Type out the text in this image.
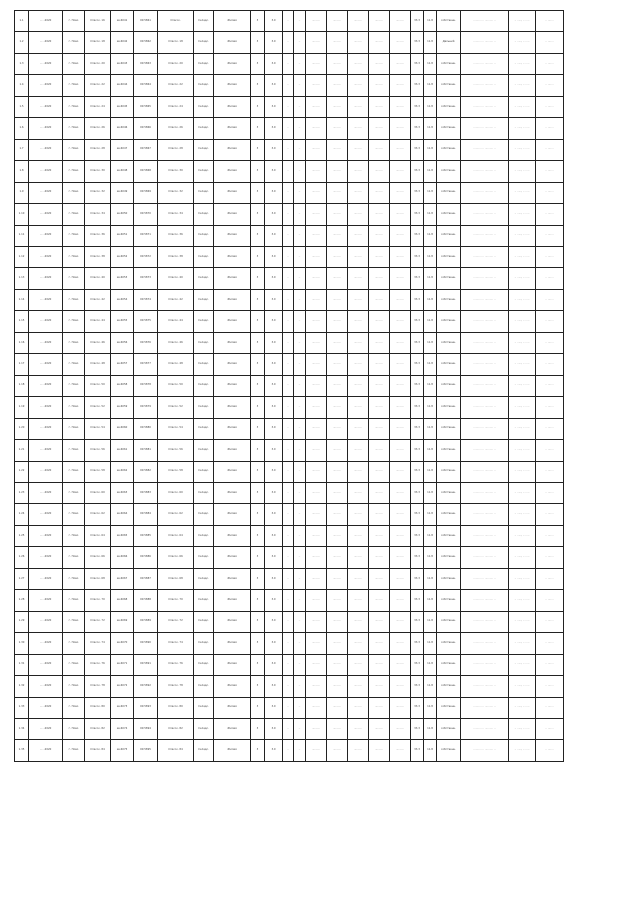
1.1	··.··.2020	г. Ново	Спасск. 16	кв.6041	00:5861	Спасск.	Складс.	Жилая	3	3.0	··	··	··.··.····	··.··.····	··.··.····	··.··.····	··.··.····	33.3	11.8	собственн.	·········· ·· ·········· ··	·· ·····, ·· ·····	·· ··.····
1.2	··.··.2020	г. Ново	Спасск. 18	кв.6042	00:5862	Спасск. 18	Складс.	Жилая	3	3.0	··	··	··.··.····	··.··.····	··.··.····	··.··.····	··.··.····	33.3	11.8	Дальний	·········· ·· ·········· ··	·· ·····, ·· ·····	·· ··.····
1.3	··.··.2020	г. Ново	Спасск. 20	кв.6043	00:5863	Спасск. 20	Складс.	Жилая	3	3.0	··	··	··.··.····	··.··.····	··.··.····	··.··.····	··.··.····	33.3	11.8	собственн.	·········· ·· ·········· ··	·· ·····, ·· ·····	·· ··.····
1.4	··.··.2020	г. Ново	Спасск. 22	кв.6044	00:5864	Спасск. 22	Складс.	Жилая	3	3.0	··	··	··.··.····	··.··.····	··.··.····	··.··.····	··.··.····	33.3	11.8	собственн.	·········· ·· ·········· ··	·· ·····, ·· ·····	·· ··.····
1.5	··.··.2020	г. Ново	Спасск. 24	кв.6045	00:5865	Спасск. 24	Складс.	Жилая	3	3.0	··	··	··.··.····	··.··.····	··.··.····	··.··.····	··.··.····	33.3	11.8	собственн.	·········· ·· ·········· ··	·· ·····, ·· ·····	·· ··.····
1.6	··.··.2020	г. Ново	Спасск. 26	кв.6046	00:5866	Спасск. 26	Складс.	Жилая	3	3.0	··	··	··.··.····	··.··.····	··.··.····	··.··.····	··.··.····	33.3	11.8	собственн.	·········· ·· ·········· ··	·· ·····, ·· ·····	·· ··.····
1.7	··.··.2020	г. Ново	Спасск. 28	кв.6047	00:5867	Спасск. 28	Складс.	Жилая	3	3.0	··	··	··.··.····	··.··.····	··.··.····	··.··.····	··.··.····	33.3	11.8	собственн.	·········· ·· ·········· ··	·· ·····, ·· ·····	·· ··.····
1.8	··.··.2020	г. Ново	Спасск. 30	кв.6048	00:5868	Спасск. 30	Складс.	Жилая	3	3.0	··	··	··.··.····	··.··.····	··.··.····	··.··.····	··.··.····	33.3	11.8	собственн.	·········· ·· ·········· ··	·· ·····, ·· ·····	·· ··.····
1.9	··.··.2020	г. Ново	Спасск. 32	кв.6049	00:5869	Спасск. 32	Складс.	Жилая	3	3.0	··	··	··.··.····	··.··.····	··.··.····	··.··.····	··.··.····	33.3	11.8	собственн.	·········· ·· ·········· ··	·· ·····, ·· ·····	·· ··.····
1.10	··.··.2020	г. Ново	Спасск. 34	кв.6050	00:5870	Спасск. 34	Складс.	Жилая	3	3.0	··	··	··.··.····	··.··.····	··.··.····	··.··.····	··.··.····	33.3	11.8	собственн.	·········· ·· ·········· ··	·· ·····, ·· ·····	·· ··.····
1.11	··.··.2020	г. Ново	Спасск. 36	кв.6051	00:5871	Спасск. 36	Складс.	Жилая	3	3.0	··	··	··.··.····	··.··.····	··.··.····	··.··.····	··.··.····	33.3	11.8	собственн.	·········· ·· ·········· ··	·· ·····, ·· ·····	·· ··.····
1.12	··.··.2020	г. Ново	Спасск. 38	кв.6052	00:5872	Спасск. 38	Складс.	Жилая	3	3.0	··	··	··.··.····	··.··.····	··.··.····	··.··.····	··.··.····	33.3	11.8	собственн.	·········· ·· ·········· ··	·· ·····, ·· ·····	·· ··.····
1.13	··.··.2020	г. Ново	Спасск. 40	кв.6053	00:5873	Спасск. 40	Складс.	Жилая	3	3.0	··	··	··.··.····	··.··.····	··.··.····	··.··.····	··.··.····	33.3	11.8	собственн.	·········· ·· ·········· ··	·· ·····, ·· ·····	·· ··.····
1.14	··.··.2020	г. Ново	Спасск. 42	кв.6054	00:5874	Спасск. 42	Складс.	Жилая	3	3.0	··	··	··.··.····	··.··.····	··.··.····	··.··.····	··.··.····	33.3	11.8	собственн.	·········· ·· ·········· ··	·· ·····, ·· ·····	·· ··.····
1.15	··.··.2020	г. Ново	Спасск. 44	кв.6055	00:5875	Спасск. 44	Складс.	Жилая	3	3.0	··	··	··.··.····	··.··.····	··.··.····	··.··.····	··.··.····	33.3	11.8	собственн.	·········· ·· ·········· ··	·· ·····, ·· ·····	·· ··.····
1.16	··.··.2020	г. Ново	Спасск. 46	кв.6056	00:5876	Спасск. 46	Складс.	Жилая	3	3.0	··	··	··.··.····	··.··.····	··.··.····	··.··.····	··.··.····	33.3	11.8	собственн.	·········· ·· ·········· ··	·· ·····, ·· ·····	·· ··.····
1.17	··.··.2020	г. Ново	Спасск. 48	кв.6057	00:5877	Спасск. 48	Складс.	Жилая	3	3.0	··	··	··.··.····	··.··.····	··.··.····	··.··.····	··.··.····	33.3	11.8	собственн.	·········· ·· ·········· ··	·· ·····, ·· ·····	·· ··.····
1.18	··.··.2020	г. Ново	Спасск. 50	кв.6058	00:5878	Спасск. 50	Складс.	Жилая	3	3.0	··	··	··.··.····	··.··.····	··.··.····	··.··.····	··.··.····	33.3	11.8	собственн.	·········· ·· ·········· ··	·· ·····, ·· ·····	·· ··.····
1.19	··.··.2020	г. Ново	Спасск. 52	кв.6059	00:5879	Спасск. 52	Складс.	Жилая	3	3.0	··	··	··.··.····	··.··.····	··.··.····	··.··.····	··.··.····	33.3	11.8	собственн.	·········· ·· ·········· ··	·· ·····, ·· ·····	·· ··.····
1.20	··.··.2020	г. Ново	Спасск. 54	кв.6060	00:5880	Спасск. 54	Складс.	Жилая	3	3.0	··	··	··.··.····	··.··.····	··.··.····	··.··.····	··.··.····	33.3	11.8	собственн.	·········· ·· ·········· ··	·· ·····, ·· ·····	·· ··.····
1.21	··.··.2020	г. Ново	Спасск. 56	кв.6061	00:5881	Спасск. 56	Складс.	Жилая	3	3.0	··	··	··.··.····	··.··.····	··.··.····	··.··.····	··.··.····	33.3	11.8	собственн.	·········· ·· ·········· ··	·· ·····, ·· ·····	·· ··.····
1.22	··.··.2020	г. Ново	Спасск. 58	кв.6062	00:5882	Спасск. 58	Складс.	Жилая	3	3.0	··	··	··.··.····	··.··.····	··.··.····	··.··.····	··.··.····	33.3	11.8	собственн.	·········· ·· ·········· ··	·· ·····, ·· ·····	·· ··.····
1.23	··.··.2020	г. Ново	Спасск. 60	кв.6063	00:5883	Спасск. 60	Складс.	Жилая	3	3.0	··	··	··.··.····	··.··.····	··.··.····	··.··.····	··.··.····	33.3	11.8	собственн.	·········· ·· ·········· ··	·· ·····, ·· ·····	·· ··.····
1.24	··.··.2020	г. Ново	Спасск. 62	кв.6064	00:5884	Спасск. 62	Складс.	Жилая	3	3.0	··	··	··.··.····	··.··.····	··.··.····	··.··.····	··.··.····	33.3	11.8	собственн.	·········· ·· ·········· ··	·· ·····, ·· ·····	·· ··.····
1.25	··.··.2020	г. Ново	Спасск. 64	кв.6065	00:5885	Спасск. 64	Складс.	Жилая	3	3.0	··	··	··.··.····	··.··.····	··.··.····	··.··.····	··.··.····	33.3	11.8	собственн.	·········· ·· ·········· ··	·· ·····, ·· ·····	·· ··.····
1.26	··.··.2020	г. Ново	Спасск. 66	кв.6066	00:5886	Спасск. 66	Складс.	Жилая	3	3.0	··	··	··.··.····	··.··.····	··.··.····	··.··.····	··.··.····	33.3	11.8	собственн.	·········· ·· ·········· ··	·· ·····, ·· ·····	·· ··.····
1.27	··.··.2020	г. Ново	Спасск. 68	кв.6067	00:5887	Спасск. 68	Складс.	Жилая	3	3.0	··	··	··.··.····	··.··.····	··.··.····	··.··.····	··.··.····	33.3	11.8	собственн.	·········· ·· ·········· ··	·· ·····, ·· ·····	·· ··.····
1.28	··.··.2020	г. Ново	Спасск. 70	кв.6068	00:5888	Спасск. 70	Складс.	Жилая	3	3.0	··	··	··.··.····	··.··.····	··.··.····	··.··.····	··.··.····	33.3	11.8	собственн.	·········· ·· ·········· ··	·· ·····, ·· ·····	·· ··.····
1.29	··.··.2020	г. Ново	Спасск. 72	кв.6069	00:5889	Спасск. 72	Складс.	Жилая	3	3.0	··	··	··.··.····	··.··.····	··.··.····	··.··.····	··.··.····	33.3	11.8	собственн.	·········· ·· ·········· ··	·· ·····, ·· ·····	·· ··.····
1.30	··.··.2020	г. Ново	Спасск. 74	кв.6070	00:5890	Спасск. 74	Складс.	Жилая	3	3.0	··	··	··.··.····	··.··.····	··.··.····	··.··.····	··.··.····	33.3	11.8	собственн.	·········· ·· ·········· ··	·· ·····, ·· ·····	·· ··.····
1.31	··.··.2020	г. Ново	Спасск. 76	кв.6071	00:5891	Спасск. 76	Складс.	Жилая	3	3.0	··	··	··.··.····	··.··.····	··.··.····	··.··.····	··.··.····	33.3	11.8	собственн.	·········· ·· ·········· ··	·· ·····, ·· ·····	·· ··.····
1.32	··.··.2020	г. Ново	Спасск. 78	кв.6072	00:5892	Спасск. 78	Складс.	Жилая	3	3.0	··	··	··.··.····	··.··.····	··.··.····	··.··.····	··.··.····	33.3	11.8	собственн.	·········· ·· ·········· ··	·· ·····, ·· ·····	·· ··.····
1.33	··.··.2020	г. Ново	Спасск. 80	кв.6073	00:5893	Спасск. 80	Складс.	Жилая	3	3.0	··	··	··.··.····	··.··.····	··.··.····	··.··.····	··.··.····	33.3	11.8	собственн.	·········· ·· ·········· ··	·· ·····, ·· ·····	·· ··.····
1.34	··.··.2020	г. Ново	Спасск. 82	кв.6074	00:5894	Спасск. 82	Складс.	Жилая	3	3.0	··	··	··.··.····	··.··.····	··.··.····	··.··.····	··.··.····	33.3	11.8	собственн.	·········· ·· ·········· ··	·· ·····, ·· ·····	·· ··.····
1.35	··.··.2020	г. Ново	Спасск. 84	кв.6075	00:5895	Спасск. 84	Складс.	Жилая	3	3.0	··	··	··.··.····	··.··.····	··.··.····	··.··.····	··.··.····	33.3	11.8	собственн.	·········· ·· ·········· ··	·· ·····, ·· ·····	·· ··.····
